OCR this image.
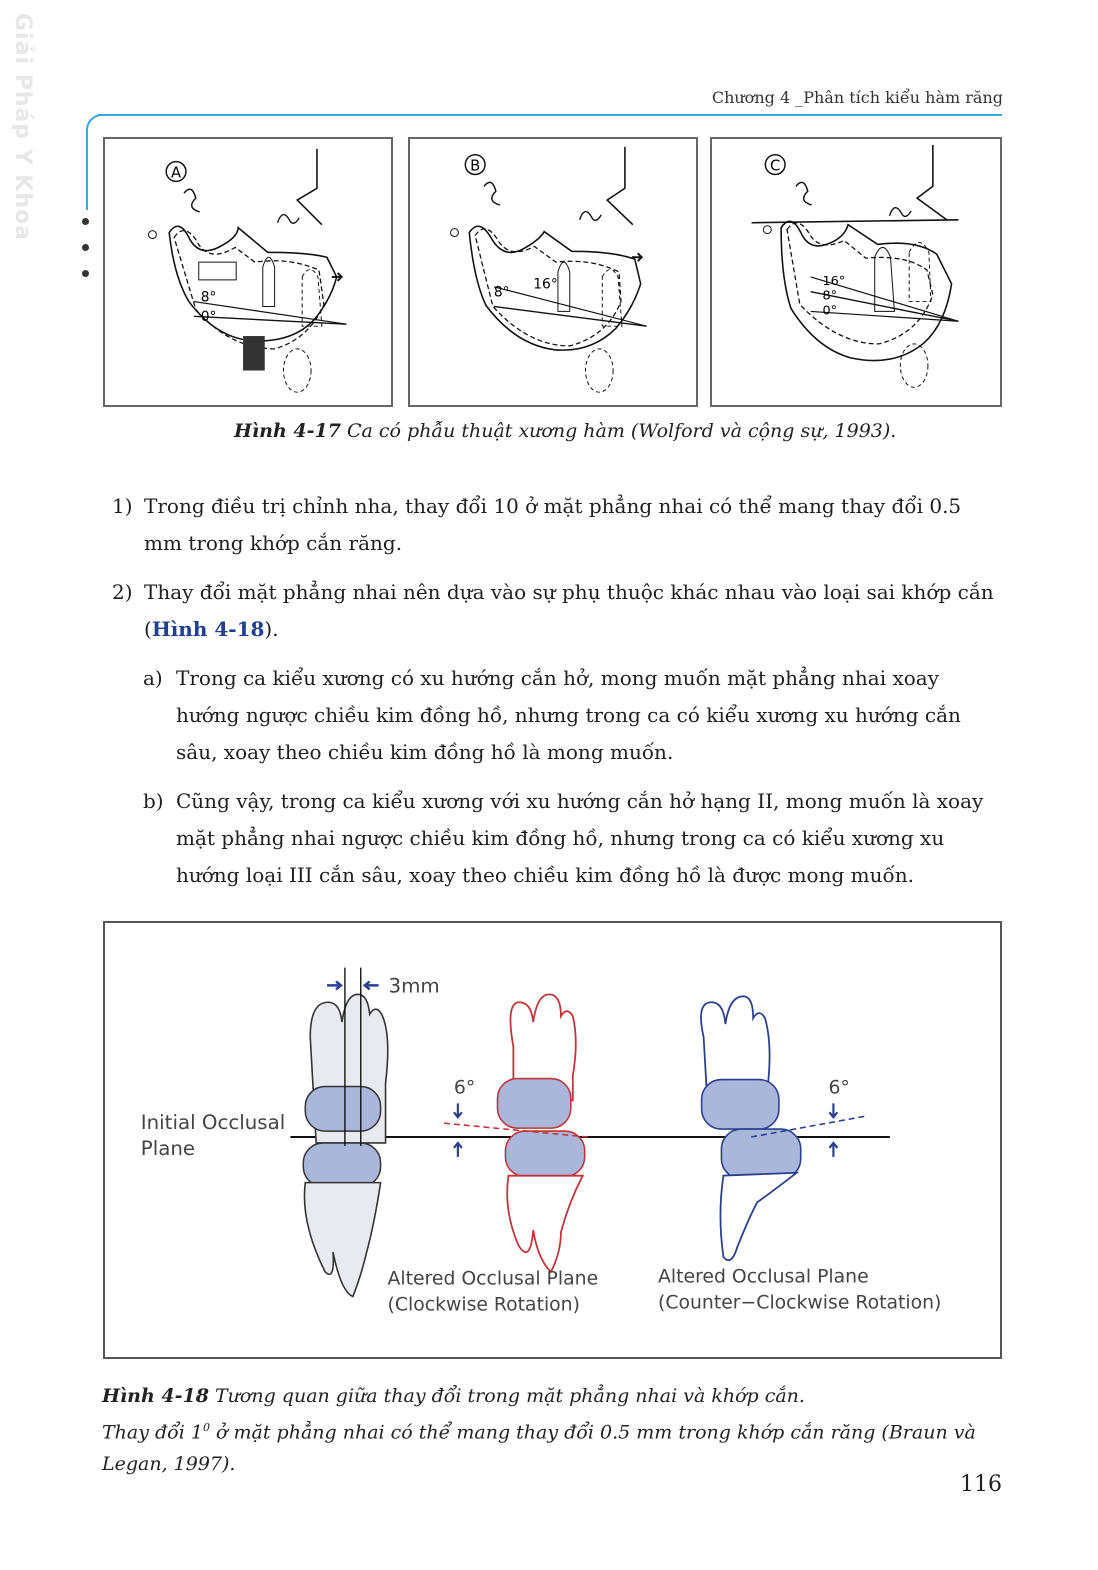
Giải Pháp Y Khoa	Chương 4 _Phân tích kiểu hàm răng
A
8°
0°
B
8° 16°
C
16°
8°
0°
Hình 4-17 Ca có phẫu thuật xương hàm (Wolford và cộng sự, 1993).
1) Trong điều trị chỉnh nha, thay đổi 10 ở mặt phẳng nhai có thể mang thay đổi 0.5 mm trong khớp cắn răng.
2) Thay đổi mặt phẳng nhai nên dựa vào sự phụ thuộc khác nhau vào loại sai khớp cắn (Hình 4-18).
a) Trong ca kiểu xương có xu hướng cắn hở, mong muốn mặt phẳng nhai xoay hướng ngược chiều kim đồng hồ, nhưng trong ca có kiểu xương xu hướng cắn sâu, xoay theo chiều kim đồng hồ là mong muốn.
b) Cũng vậy, trong ca kiểu xương với xu hướng cắn hở hạng II, mong muốn là xoay mặt phẳng nhai ngược chiều kim đồng hồ, nhưng trong ca có kiểu xương xu hướng loại III cắn sâu, xoay theo chiều kim đồng hồ là được mong muốn.
3mm
Initial Occlusal
Plane
6°	6°
Altered Occlusal Plane
(Clockwise Rotation)
Altered Occlusal Plane
(Counter−Clockwise Rotation)
Hình 4-18 Tương quan giữa thay đổi trong mặt phẳng nhai và khớp cắn.
Thay đổi $1^0$ ở mặt phẳng nhai có thể mang thay đổi 0.5 mm trong khớp cắn răng (Braun và Legan, 1997).
116
